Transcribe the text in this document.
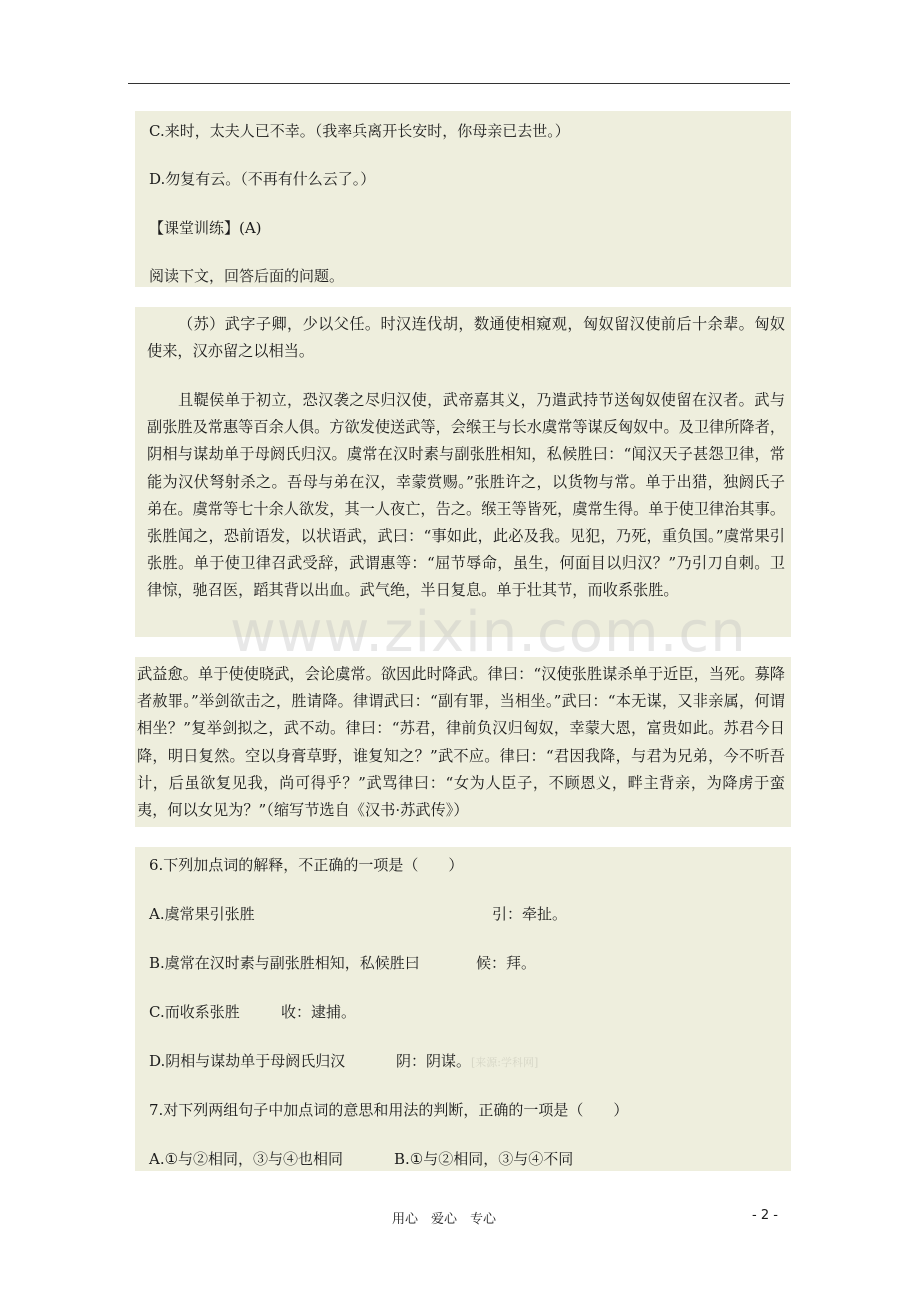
C.来时，太夫人已不幸。（我率兵离开长安时，你母亲已去世。）
D.勿复有云。（不再有什么云了。）
【课堂训练】(A)
阅读下文，回答后面的问题。
（苏）武字子卿，少以父任。时汉连伐胡，数通使相窥观，匈奴留汉使前后十余辈。匈奴使来，汉亦留之以相当。
且鞮侯单于初立，恐汉袭之尽归汉使，武帝嘉其义，乃遣武持节送匈奴使留在汉者。武与副张胜及常惠等百余人俱。方欲发使送武等，会缑王与长水虞常等谋反匈奴中。及卫律所降者，阴相与谋劫单于母阏氏归汉。虞常在汉时素与副张胜相知，私候胜曰：“闻汉天子甚怨卫律，常能为汉伏弩射杀之。吾母与弟在汉，幸蒙赏赐。”张胜许之，以货物与常。单于出猎，独阏氏子弟在。虞常等七十余人欲发，其一人夜亡，告之。缑王等皆死，虞常生得。单于使卫律治其事。张胜闻之，恐前语发，以状语武，武曰：“事如此，此必及我。见犯，乃死，重负国。”虞常果引张胜。单于使卫律召武受辞，武谓惠等：“屈节辱命，虽生，何面目以归汉？”乃引刀自刺。卫律惊，驰召医，蹈其背以出血。武气绝，半日复息。单于壮其节，而收系张胜。
武益愈。单于使使晓武，会论虞常。欲因此时降武。律曰：“汉使张胜谋杀单于近臣，当死。募降者赦罪。”举剑欲击之，胜请降。律谓武曰：“副有罪，当相坐。”武曰：“本无谋，又非亲属，何谓相坐？”复举剑拟之，武不动。律曰：“苏君，律前负汉归匈奴，幸蒙大恩，富贵如此。苏君今日降，明日复然。空以身膏草野，谁复知之？”武不应。律曰：“君因我降，与君为兄弟，今不听吾计，后虽欲复见我，尚可得乎？”武骂律曰：“女为人臣子，不顾恩义，畔主背亲，为降虏于蛮夷，何以女见为？”（缩写节选自《汉书·苏武传》）
6.下列加点词的解释，不正确的一项是（　　）
A.虞常果引张胜	引：牵扯。
B.虞常在汉时素与副张胜相知，私候胜曰	候：拜。
C.而收系张胜	收：逮捕。
D.阴相与谋劫单于母阏氏归汉	阴：阴谋。 [来源:学科网]
7.对下列两组句子中加点词的意思和用法的判断，正确的一项是（　　）
A.①与②相同，③与④也相同	B.①与②相同，③与④不同
www.zixin.com.cn
用心　爱心　专心	- 2 -
